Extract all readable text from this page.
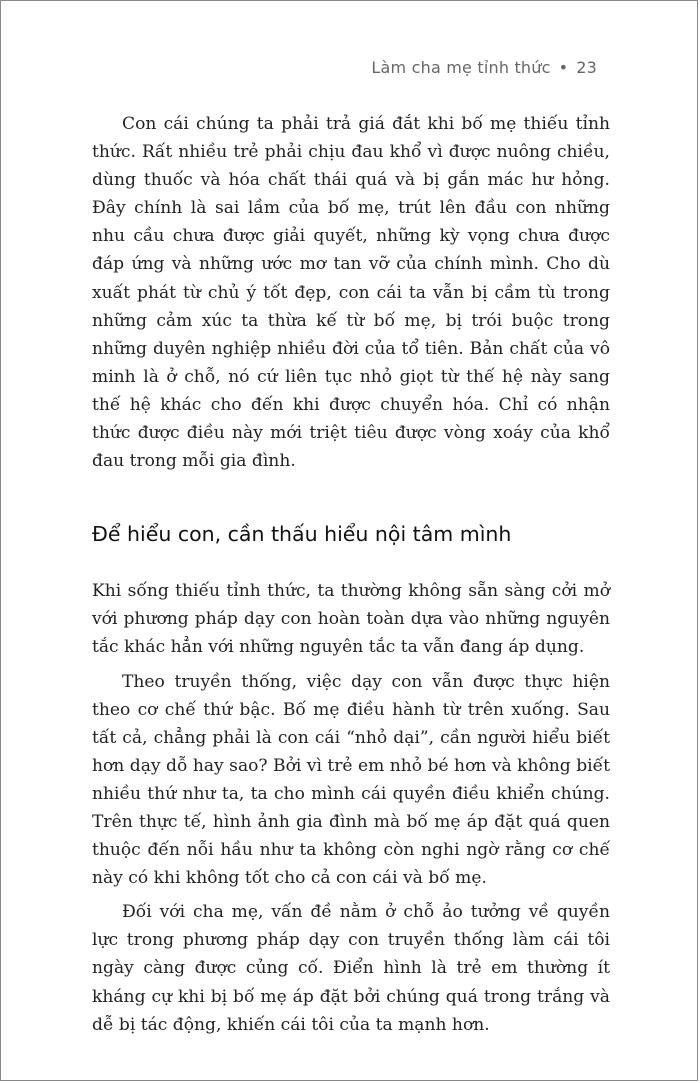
Làm cha mẹ tỉnh thức • 23

Con cái chúng ta phải trả giá đắt khi bố mẹ thiếu tỉnh thức. Rất nhiều trẻ phải chịu đau khổ vì được nuông chiều, dùng thuốc và hóa chất thái quá và bị gắn mác hư hỏng. Đây chính là sai lầm của bố mẹ, trút lên đầu con những nhu cầu chưa được giải quyết, những kỳ vọng chưa được đáp ứng và những ước mơ tan vỡ của chính mình. Cho dù xuất phát từ chủ ý tốt đẹp, con cái ta vẫn bị cầm tù trong những cảm xúc ta thừa kế từ bố mẹ, bị trói buộc trong những duyên nghiệp nhiều đời của tổ tiên. Bản chất của vô minh là ở chỗ, nó cứ liên tục nhỏ giọt từ thế hệ này sang thế hệ khác cho đến khi được chuyển hóa. Chỉ có nhận thức được điều này mới triệt tiêu được vòng xoáy của khổ đau trong mỗi gia đình.

Để hiểu con, cần thấu hiểu nội tâm mình

Khi sống thiếu tỉnh thức, ta thường không sẵn sàng cởi mở với phương pháp dạy con hoàn toàn dựa vào những nguyên tắc khác hẳn với những nguyên tắc ta vẫn đang áp dụng.

Theo truyền thống, việc dạy con vẫn được thực hiện theo cơ chế thứ bậc. Bố mẹ điều hành từ trên xuống. Sau tất cả, chẳng phải là con cái “nhỏ dại”, cần người hiểu biết hơn dạy dỗ hay sao? Bởi vì trẻ em nhỏ bé hơn và không biết nhiều thứ như ta, ta cho mình cái quyền điều khiển chúng. Trên thực tế, hình ảnh gia đình mà bố mẹ áp đặt quá quen thuộc đến nỗi hầu như ta không còn nghi ngờ rằng cơ chế này có khi không tốt cho cả con cái và bố mẹ.

Đối với cha mẹ, vấn đề nằm ở chỗ ảo tưởng về quyền lực trong phương pháp dạy con truyền thống làm cái tôi ngày càng được củng cố. Điển hình là trẻ em thường ít kháng cự khi bị bố mẹ áp đặt bởi chúng quá trong trắng và dễ bị tác động, khiến cái tôi của ta mạnh hơn.
